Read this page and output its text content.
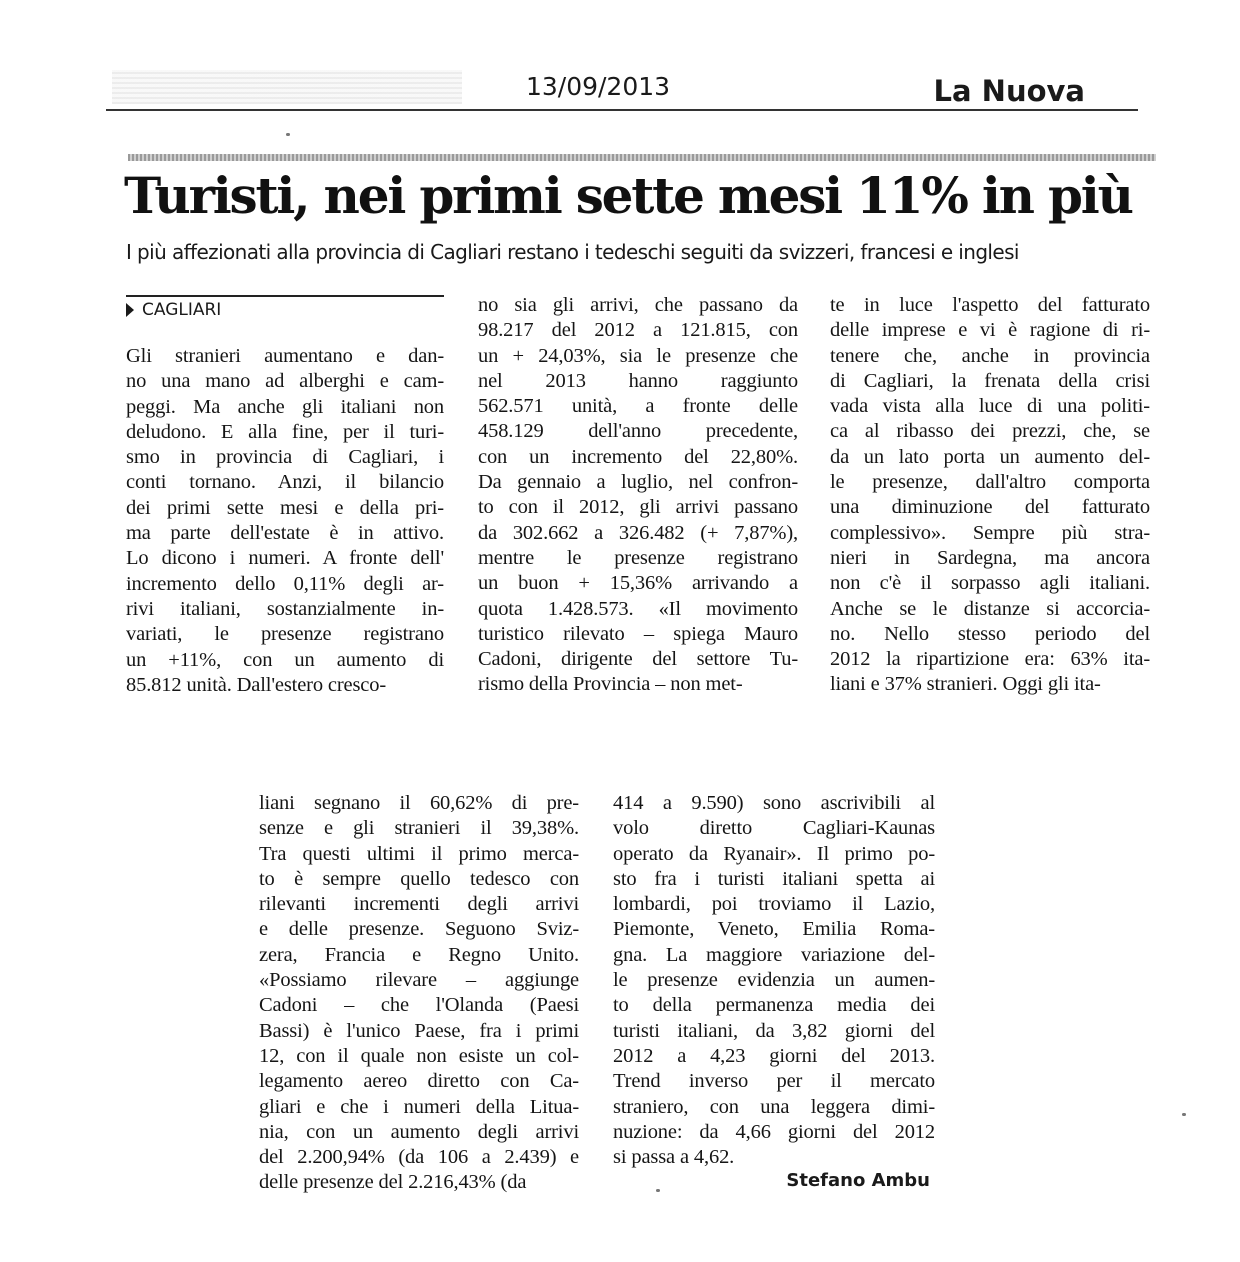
13/09/2013	La Nuova
Turisti, nei primi sette mesi 11% in più
I più affezionati alla provincia di Cagliari restano i tedeschi seguiti da svizzeri, francesi e inglesi
CAGLIARI
Gli stranieri aumentano e dan-
no una mano ad alberghi e cam-
peggi. Ma anche gli italiani non
deludono. E alla fine, per il turi-
smo in provincia di Cagliari, i
conti tornano. Anzi, il bilancio
dei primi sette mesi e della pri-
ma parte dell'estate è in attivo.
Lo dicono i numeri. A fronte dell'
incremento dello 0,11% degli ar-
rivi italiani, sostanzialmente in-
variati, le presenze registrano
un +11%, con un aumento di
85.812 unità. Dall'estero cresco-
no sia gli arrivi, che passano da
98.217 del 2012 a 121.815, con
un + 24,03%, sia le presenze che
nel 2013 hanno raggiunto
562.571 unità, a fronte delle
458.129 dell'anno precedente,
con un incremento del 22,80%.
Da gennaio a luglio, nel confron-
to con il 2012, gli arrivi passano
da 302.662 a 326.482 (+ 7,87%),
mentre le presenze registrano
un buon + 15,36% arrivando a
quota 1.428.573. «Il movimento
turistico rilevato – spiega Mauro
Cadoni, dirigente del settore Tu-
rismo della Provincia – non met-
te in luce l'aspetto del fatturato
delle imprese e vi è ragione di ri-
tenere che, anche in provincia
di Cagliari, la frenata della crisi
vada vista alla luce di una politi-
ca al ribasso dei prezzi, che, se
da un lato porta un aumento del-
le presenze, dall'altro comporta
una diminuzione del fatturato
complessivo». Sempre più stra-
nieri in Sardegna, ma ancora
non c'è il sorpasso agli italiani.
Anche se le distanze si accorcia-
no. Nello stesso periodo del
2012 la ripartizione era: 63% ita-
liani e 37% stranieri. Oggi gli ita-
liani segnano il 60,62% di pre-
senze e gli stranieri il 39,38%.
Tra questi ultimi il primo merca-
to è sempre quello tedesco con
rilevanti incrementi degli arrivi
e delle presenze. Seguono Sviz-
zera, Francia e Regno Unito.
«Possiamo rilevare – aggiunge
Cadoni – che l'Olanda (Paesi
Bassi) è l'unico Paese, fra i primi
12, con il quale non esiste un col-
legamento aereo diretto con Ca-
gliari e che i numeri della Litua-
nia, con un aumento degli arrivi
del 2.200,94% (da 106 a 2.439) e
delle presenze del 2.216,43% (da
414 a 9.590) sono ascrivibili al
volo diretto Cagliari-Kaunas
operato da Ryanair». Il primo po-
sto fra i turisti italiani spetta ai
lombardi, poi troviamo il Lazio,
Piemonte, Veneto, Emilia Roma-
gna. La maggiore variazione del-
le presenze evidenzia un aumen-
to della permanenza media dei
turisti italiani, da 3,82 giorni del
2012 a 4,23 giorni del 2013.
Trend inverso per il mercato
straniero, con una leggera dimi-
nuzione: da 4,66 giorni del 2012
si passa a 4,62.
Stefano Ambu
